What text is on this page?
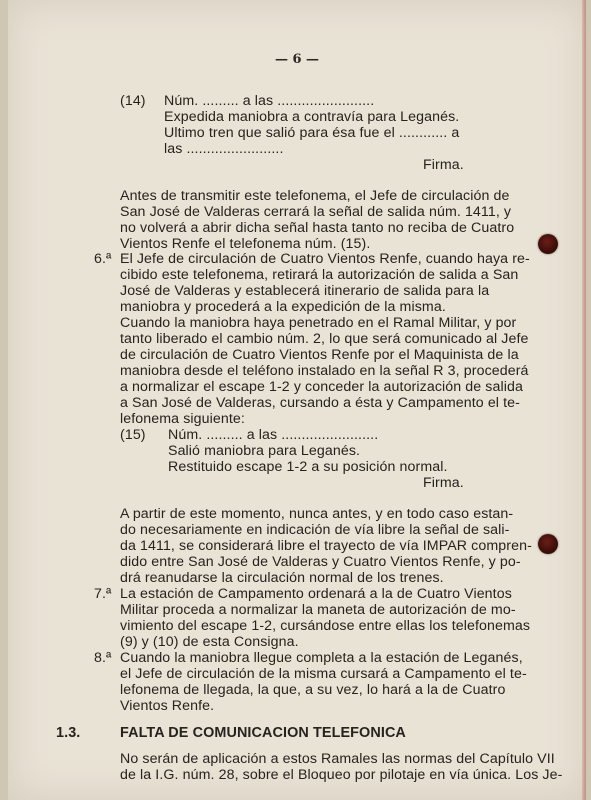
— 6 —
(14) Núm. ......... a las ........................
Expedida maniobra a contravía para Leganés.
Ultimo tren que salió para ésa fue el ............ a
las ........................
Firma.
Antes de transmitir este telefonema, el Jefe de circulación de
San José de Valderas cerrará la señal de salida núm. 1411, y
no volverá a abrir dicha señal hasta tanto no reciba de Cuatro
Vientos Renfe el telefonema núm. (15).
6.ª El Jefe de circulación de Cuatro Vientos Renfe, cuando haya re-
cibido este telefonema, retirará la autorización de salida a San
José de Valderas y establecerá itinerario de salida para la
maniobra y procederá a la expedición de la misma.
Cuando la maniobra haya penetrado en el Ramal Militar, y por
tanto liberado el cambio núm. 2, lo que será comunicado al Jefe
de circulación de Cuatro Vientos Renfe por el Maquinista de la
maniobra desde el teléfono instalado en la señal R 3, procederá
a normalizar el escape 1-2 y conceder la autorización de salida
a San José de Valderas, cursando a ésta y Campamento el te-
lefonema siguiente:
(15) Núm. ......... a las ........................
Salió maniobra para Leganés.
Restituido escape 1-2 a su posición normal.
Firma.
A partir de este momento, nunca antes, y en todo caso estan-
do necesariamente en indicación de vía libre la señal de sali-
da 1411, se considerará libre el trayecto de vía IMPAR compren-
dido entre San José de Valderas y Cuatro Vientos Renfe, y po-
drá reanudarse la circulación normal de los trenes.
7.ª La estación de Campamento ordenará a la de Cuatro Vientos
Militar proceda a normalizar la maneta de autorización de mo-
vimiento del escape 1-2, cursándose entre ellas los telefonemas
(9) y (10) de esta Consigna.
8.ª Cuando la maniobra llegue completa a la estación de Leganés,
el Jefe de circulación de la misma cursará a Campamento el te-
lefonema de llegada, la que, a su vez, lo hará a la de Cuatro
Vientos Renfe.
1.3.	FALTA DE COMUNICACION TELEFONICA
No serán de aplicación a estos Ramales las normas del Capítulo VII
de la I.G. núm. 28, sobre el Bloqueo por pilotaje en vía única. Los Je-
